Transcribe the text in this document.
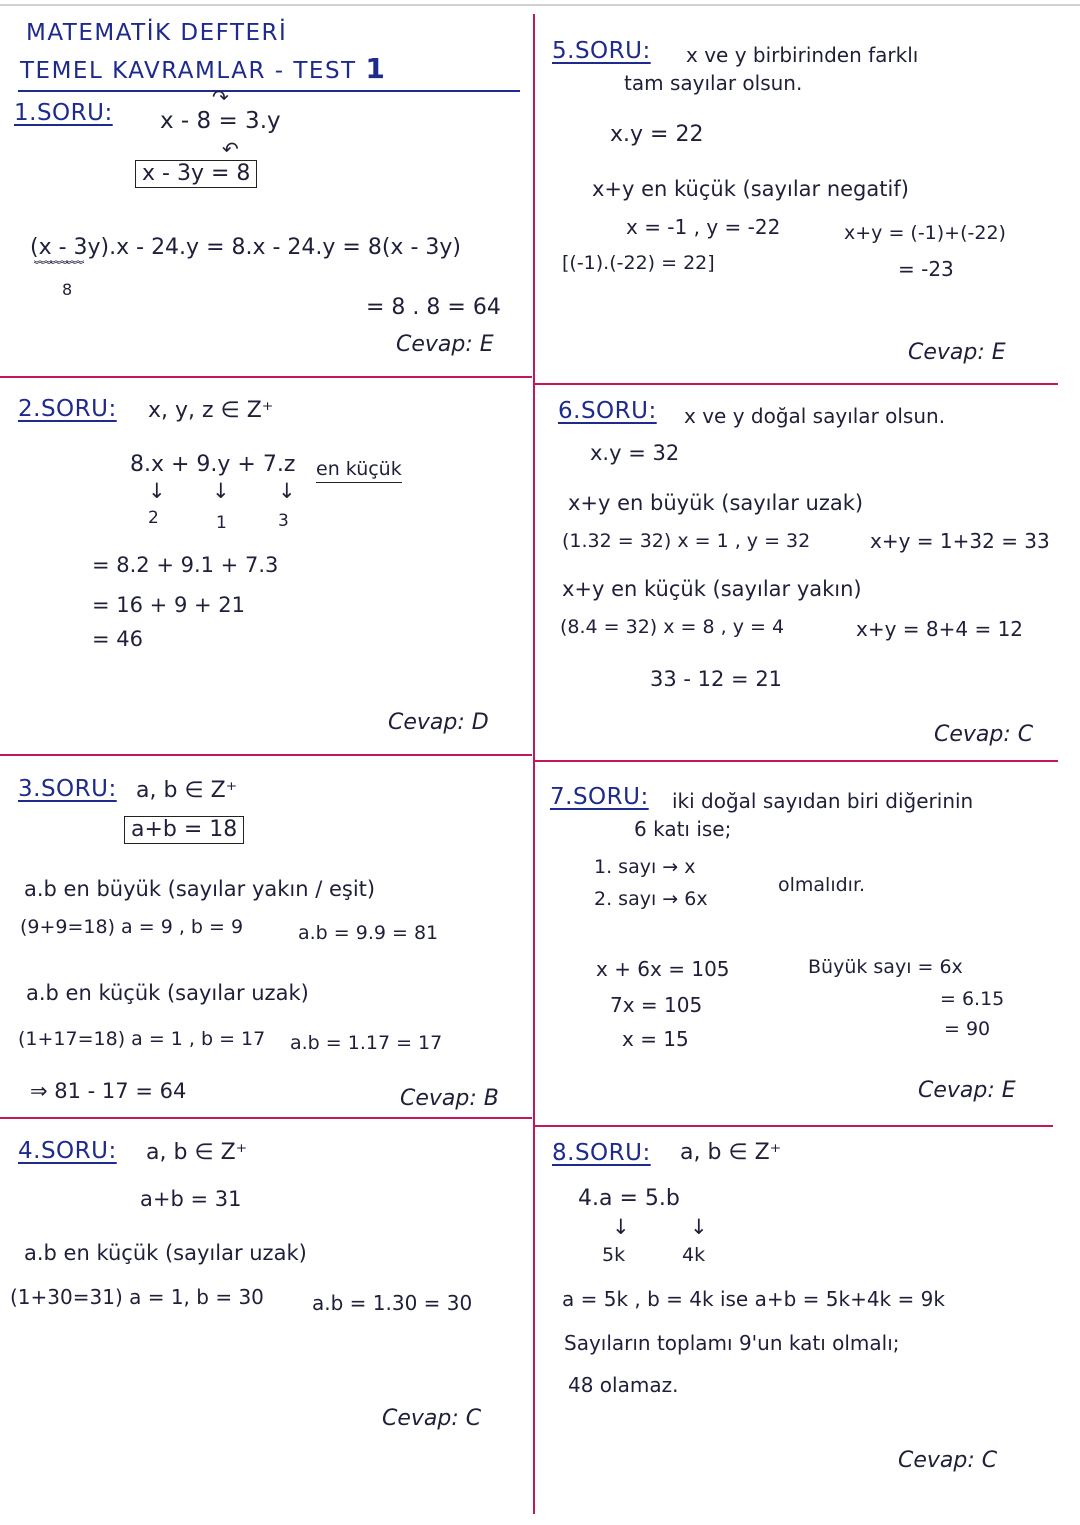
MATEMATİK DEFTERİ
TEMEL KAVRAMLAR - TEST 1
1.SORU: x - 8 = 3.y
↷
↶
x - 3y = 8
(x - 3y).x - 24.y = 8.x - 24.y = 8(x - 3y)
﹌﹌﹌
8
= 8 . 8 = 64
Cevap: E
2.SORU: x, y, z ∈ Z⁺
8.x + 9.y + 7.z en küçük
↓ ↓ ↓
2	1	3
= 8.2 + 9.1 + 7.3
= 16 + 9 + 21
= 46
Cevap: D
3.SORU: a, b ∈ Z⁺
a+b = 18
a.b en büyük (sayılar yakın / eşit)
(9+9=18) a = 9 , b = 9	a.b = 9.9 = 81
a.b en küçük (sayılar uzak)
(1+17=18) a = 1 , b = 17 a.b = 1.17 = 17
⇒ 81 - 17 = 64	Cevap: B
4.SORU: a, b ∈ Z⁺
a+b = 31
a.b en küçük (sayılar uzak)
(1+30=31) a = 1, b = 30 a.b = 1.30 = 30
Cevap: C
5.SORU: x ve y birbirinden farklı
tam sayılar olsun.
x.y = 22
x+y en küçük (sayılar negatif)
x = -1 , y = -22
[(-1).(-22) = 22]
x+y = (-1)+(-22)
= -23
Cevap: E
6.SORU: x ve y doğal sayılar olsun.
x.y = 32
x+y en büyük (sayılar uzak)
(1.32 = 32) x = 1 , y = 32	x+y = 1+32 = 33
x+y en küçük (sayılar yakın)
(8.4 = 32) x = 8 , y = 4	x+y = 8+4 = 12
33 - 12 = 21
Cevap: C
7.SORU: iki doğal sayıdan biri diğerinin
6 katı ise;
1. sayı → x
2. sayı → 6x
olmalıdır.
x + 6x = 105
7x = 105
x = 15
Büyük sayı = 6x
= 6.15
= 90
Cevap: E
8.SORU: a, b ∈ Z⁺
4.a = 5.b
↓	↓
5k	4k
a = 5k , b = 4k ise a+b = 5k+4k = 9k
Sayıların toplamı 9'un katı olmalı;
48 olamaz.
Cevap: C
